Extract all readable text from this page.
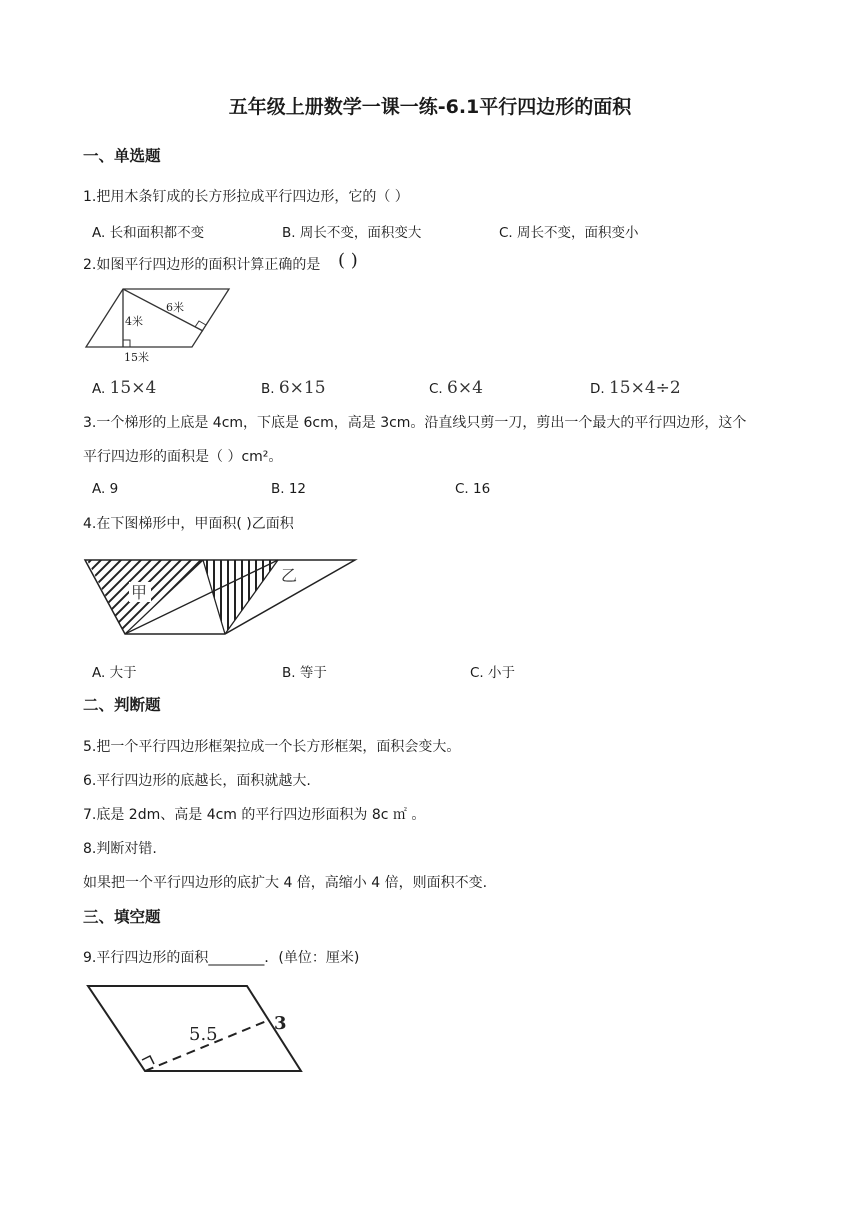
五年级上册数学一课一练-6.1平行四边形的面积
一、单选题
1.把用木条钉成的长方形拉成平行四边形，它的（ ）
A. 长和面积都不变	B. 周长不变，面积变大	C. 周长不变，面积变小
2.如图平行四边形的面积计算正确的是 ( )
6米
4米
15米
A. 15×4	B. 6×15	C. 6×4	D. 15×4÷2
3.一个梯形的上底是 4cm，下底是 6cm，高是 3cm。沿直线只剪一刀，剪出一个最大的平行四边形，这个
平行四边形的面积是（ ）cm²。
A. 9	B. 12	C. 16
4.在下图梯形中，甲面积( )乙面积
甲
乙
A. 大于	B. 等于	C. 小于
二、判断题
5.把一个平行四边形框架拉成一个长方形框架，面积会变大。
6.平行四边形的底越长，面积就越大.
7.底是 2dm、高是 4cm 的平行四边形面积为 8c ㎡ 。
8.判断对错.
如果把一个平行四边形的底扩大 4 倍，高缩小 4 倍，则面积不变.
三、填空题
9.平行四边形的面积________．(单位：厘米)
5.5
3
